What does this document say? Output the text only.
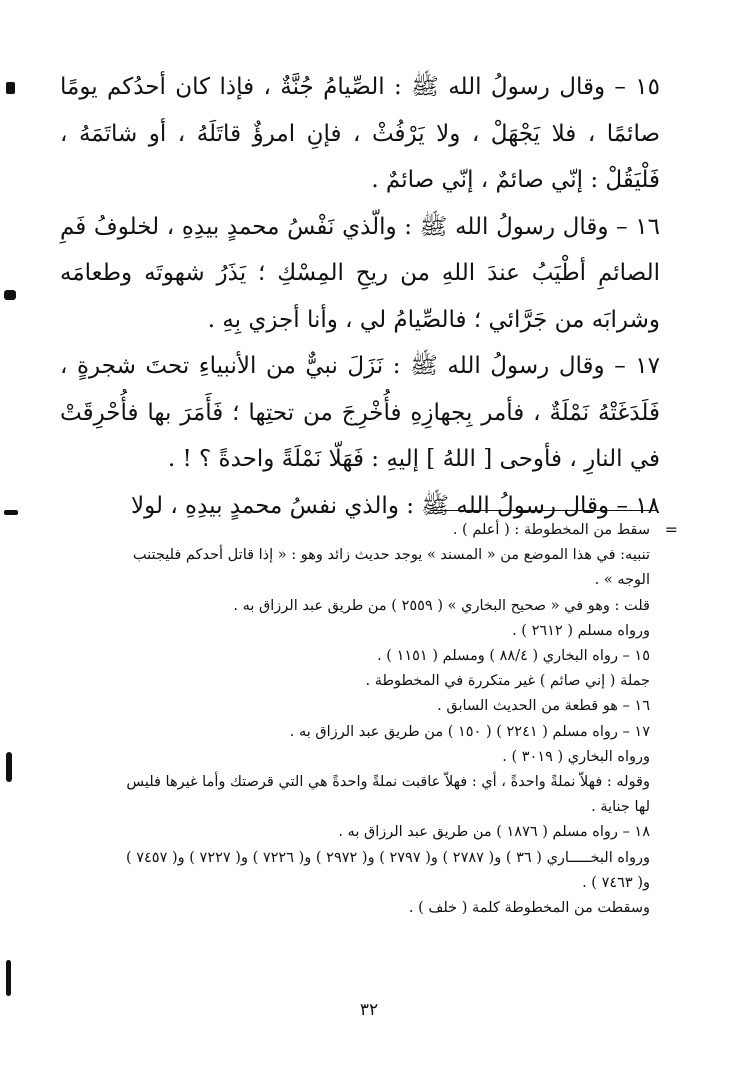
١٥ – وقال رسولُ الله ﷺ : الصِّيامُ جُنَّةٌ ، فإذا كان أحدُكم يومًا صائمًا ، فلا يَجْهَلْ ، ولا يَرْفُثْ ، فإنِ امرؤٌ قاتَلَهُ ، أو شاتَمَهُ ، فَلْيَقُلْ : إنّي صائمٌ ، إنّي صائمٌ .

١٦ – وقال رسولُ الله ﷺ : والّذي نَفْسُ محمدٍ بيدِهِ ، لخلوفُ فَمِ الصائمِ أطْيَبُ عندَ اللهِ من ريحِ المِسْكِ ؛ يَذَرُ شهوتَه وطعامَه وشرابَه من جَرَّائي ؛ فالصِّيامُ لي ، وأنا أجزي بِهِ .

١٧ – وقال رسولُ الله ﷺ : نَزَلَ نبيٌّ من الأنبياءِ تحتَ شجرةٍ ، فَلَدَغَتْهُ نَمْلَةٌ ، فأمر بِجهازِهِ فأُخْرِجَ من تحتِها ؛ فَأَمَرَ بها فأُحْرِقَتْ في النارِ ، فأوحى [ اللهُ ] إليهِ : فَهَلّا نَمْلَةً واحدةً ؟ ! .

١٨ – وقال رسولُ الله ﷺ : والذي نفسُ محمدٍ بيدِهِ ، لولا

=

سقط من المخطوطة : ( أعلم ) .

تنبيه: في هذا الموضع من « المسند » يوجد حديث زائد وهو : « إذا قاتل أحدكم فليجتنب الوجه » .

قلت : وهو في « صحيح البخاري » ( ٢٥٥٩ ) من طريق عبد الرزاق به .

ورواه مسلم ( ٢٦١٢ ) .

١٥ – رواه البخاري ( ٨٨/٤ ) ومسلم ( ١١٥١ ) .

جملة ( إني صائم ) غير متكررة في المخطوطة .

١٦ – هو قطعة من الحديث السابق .

١٧ – رواه مسلم ( ٢٢٤١ ) ( ١٥٠ ) من طريق عبد الرزاق به .

ورواه البخاري ( ٣٠١٩ ) .

وقوله : فهلاّ نملةً واحدةً ، أي : فهلاّ عاقبت نملةً واحدةً هي التي قرصتك وأما غيرها فليس لها جناية .

١٨ – رواه مسلم ( ١٨٧٦ ) من طريق عبد الرزاق به .

ورواه البخـــــاري ( ٣٦ ) و( ٢٧٨٧ ) و( ٢٧٩٧ ) و( ٢٩٧٢ ) و( ٧٢٢٦ ) و( ٧٢٢٧ ) و( ٧٤٥٧ ) و( ٧٤٦٣ ) .

وسقطت من المخطوطة كلمة ( خلف ) .

٣٢
